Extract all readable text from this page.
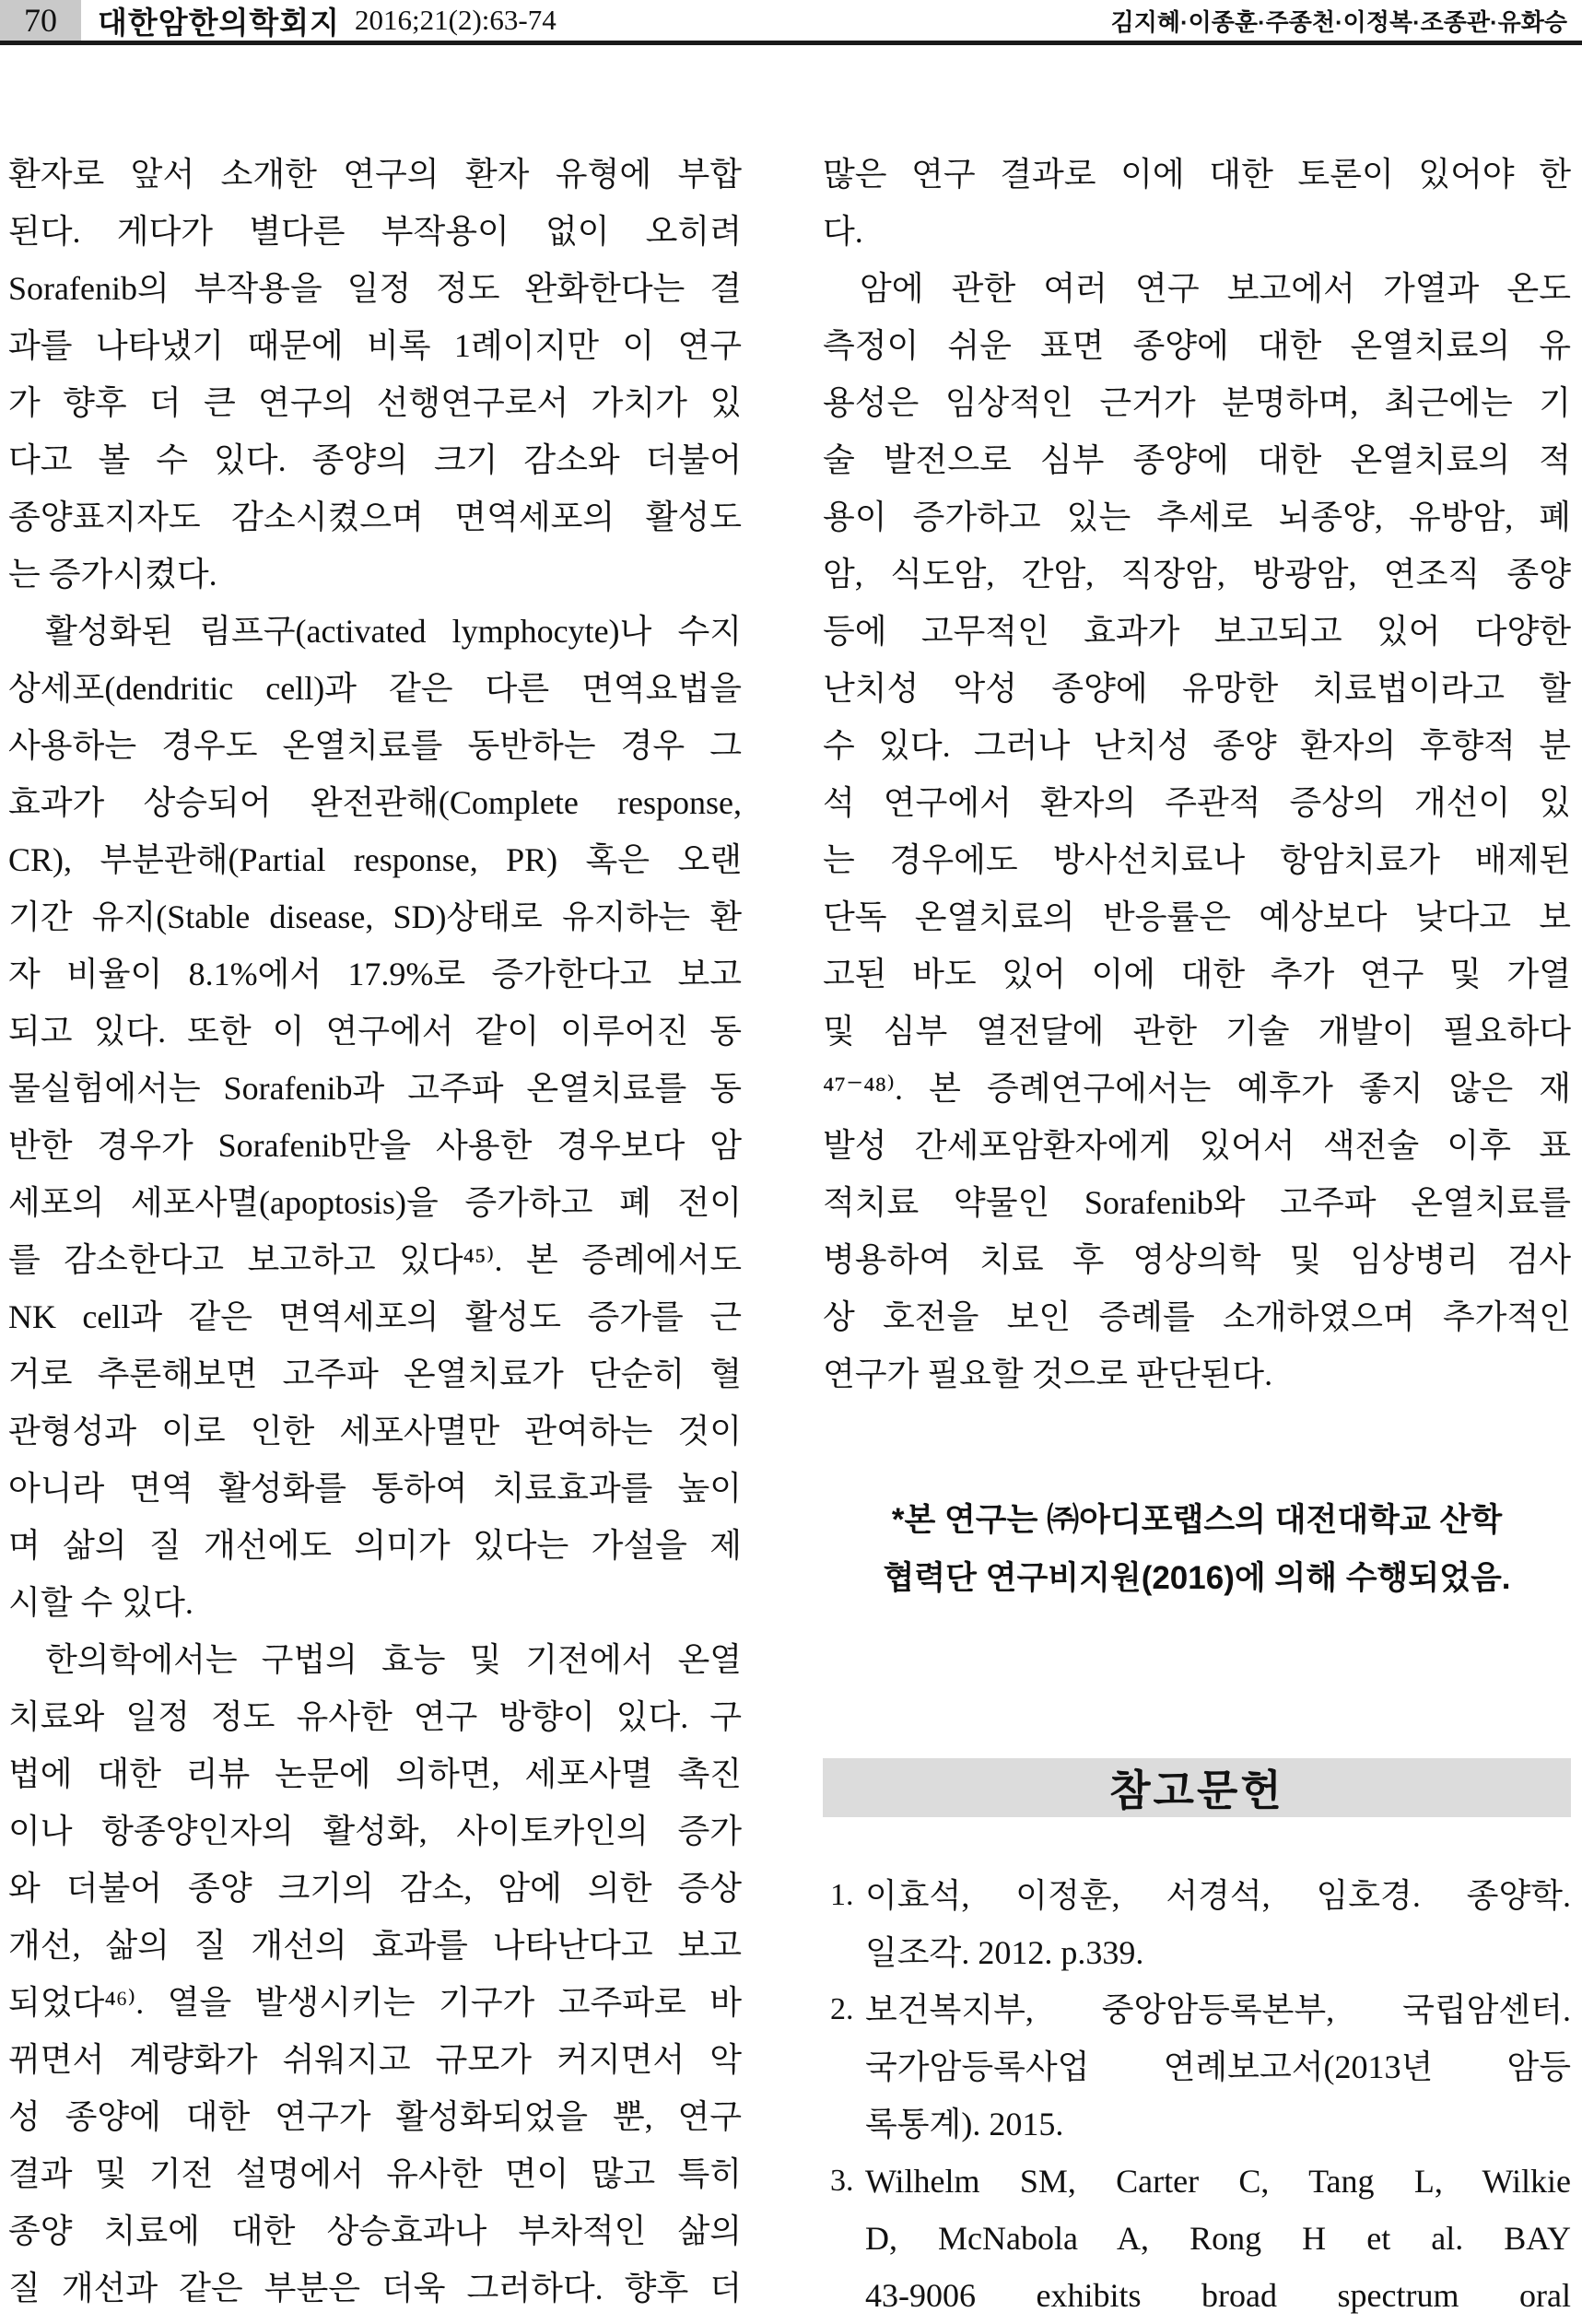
70 대한암한의학회지 2016;21(2):63-74	김지혜·이종훈·주종천·이정복·조종관·유화승
환자로 앞서 소개한 연구의 환자 유형에 부합
된다. 게다가 별다른 부작용이 없이 오히려
Sorafenib의 부작용을 일정 정도 완화한다는 결
과를 나타냈기 때문에 비록 1례이지만 이 연구
가 향후 더 큰 연구의 선행연구로서 가치가 있
다고 볼 수 있다. 종양의 크기 감소와 더불어
종양표지자도 감소시켰으며 면역세포의 활성도
는 증가시켰다.
활성화된 림프구(activated lymphocyte)나 수지
상세포(dendritic cell)과 같은 다른 면역요법을
사용하는 경우도 온열치료를 동반하는 경우 그
효과가 상승되어 완전관해(Complete response,
CR), 부분관해(Partial response, PR) 혹은 오랜
기간 유지(Stable disease, SD)상태로 유지하는 환
자 비율이 8.1%에서 17.9%로 증가한다고 보고
되고 있다. 또한 이 연구에서 같이 이루어진 동
물실험에서는 Sorafenib과 고주파 온열치료를 동
반한 경우가 Sorafenib만을 사용한 경우보다 암
세포의 세포사멸(apoptosis)을 증가하고 폐 전이
를 감소한다고 보고하고 있다⁴⁵⁾. 본 증례에서도
NK cell과 같은 면역세포의 활성도 증가를 근
거로 추론해보면 고주파 온열치료가 단순히 혈
관형성과 이로 인한 세포사멸만 관여하는 것이
아니라 면역 활성화를 통하여 치료효과를 높이
며 삶의 질 개선에도 의미가 있다는 가설을 제
시할 수 있다.
한의학에서는 구법의 효능 및 기전에서 온열
치료와 일정 정도 유사한 연구 방향이 있다. 구
법에 대한 리뷰 논문에 의하면, 세포사멸 촉진
이나 항종양인자의 활성화, 사이토카인의 증가
와 더불어 종양 크기의 감소, 암에 의한 증상
개선, 삶의 질 개선의 효과를 나타난다고 보고
되었다⁴⁶⁾. 열을 발생시키는 기구가 고주파로 바
뀌면서 계량화가 쉬워지고 규모가 커지면서 악
성 종양에 대한 연구가 활성화되었을 뿐, 연구
결과 및 기전 설명에서 유사한 면이 많고 특히
종양 치료에 대한 상승효과나 부차적인 삶의
질 개선과 같은 부분은 더욱 그러하다. 향후 더
많은 연구 결과로 이에 대한 토론이 있어야 한
다.
암에 관한 여러 연구 보고에서 가열과 온도
측정이 쉬운 표면 종양에 대한 온열치료의 유
용성은 임상적인 근거가 분명하며, 최근에는 기
술 발전으로 심부 종양에 대한 온열치료의 적
용이 증가하고 있는 추세로 뇌종양, 유방암, 폐
암, 식도암, 간암, 직장암, 방광암, 연조직 종양
등에 고무적인 효과가 보고되고 있어 다양한
난치성 악성 종양에 유망한 치료법이라고 할
수 있다. 그러나 난치성 종양 환자의 후향적 분
석 연구에서 환자의 주관적 증상의 개선이 있
는 경우에도 방사선치료나 항암치료가 배제된
단독 온열치료의 반응률은 예상보다 낮다고 보
고된 바도 있어 이에 대한 추가 연구 및 가열
및 심부 열전달에 관한 기술 개발이 필요하다
⁴⁷⁻⁴⁸⁾. 본 증례연구에서는 예후가 좋지 않은 재
발성 간세포암환자에게 있어서 색전술 이후 표
적치료 약물인 Sorafenib와 고주파 온열치료를
병용하여 치료 후 영상의학 및 임상병리 검사
상 호전을 보인 증례를 소개하였으며 추가적인
연구가 필요할 것으로 판단된다.
*본 연구는 ㈜아디포랩스의 대전대학교 산학
협력단 연구비지원(2016)에 의해 수행되었음.
참고문헌
1. 이효석, 이정훈, 서경석, 임호경. 종양학.
일조각. 2012. p.339.
2. 보건복지부, 중앙암등록본부, 국립암센터.
국가암등록사업 연례보고서(2013년 암등
록통계). 2015.
3. Wilhelm SM, Carter C, Tang L, Wilkie
D, McNabola A, Rong H et al. BAY
43-9006 exhibits broad spectrum oral
